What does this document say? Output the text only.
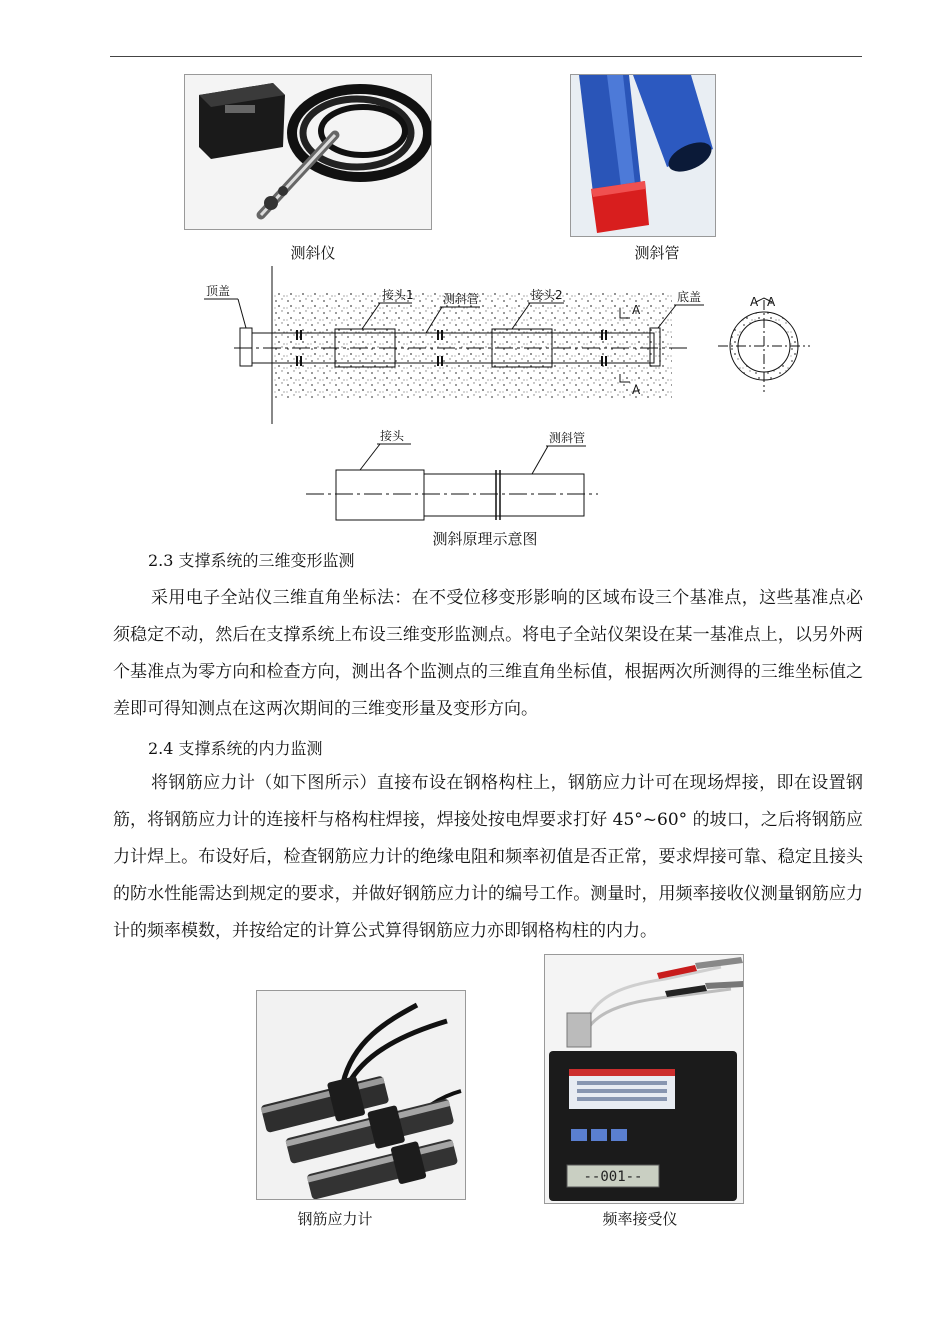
测斜仪	测斜管
A
A
顶盖	接头1 测斜管	接头2	底盖	A A
接头	测斜管
测斜原理示意图
2.3 支撑系统的三维变形监测

采用电子全站仪三维直角坐标法：在不受位移变形影响的区域布设三个基准点，这些基准点必须稳定不动，然后在支撑系统上布设三维变形监测点。将电子全站仪架设在某一基准点上，以另外两个基准点为零方向和检查方向，测出各个监测点的三维直角坐标值，根据两次所测得的三维坐标值之差即可得知测点在这两次期间的三维变形量及变形方向。

2.4 支撑系统的内力监测

将钢筋应力计（如下图所示）直接布设在钢格构柱上，钢筋应力计可在现场焊接，即在设置钢筋，将钢筋应力计的连接杆与格构柱焊接，焊接处按电焊要求打好 45°~60° 的坡口，之后将钢筋应力计焊上。布设好后，检查钢筋应力计的绝缘电阻和频率初值是否正常，要求焊接可靠、稳定且接头的防水性能需达到规定的要求，并做好钢筋应力计的编号工作。测量时，用频率接收仪测量钢筋应力计的频率模数，并按给定的计算公式算得钢筋应力亦即钢格构柱的内力。

钢筋应力计
--001--
频率接受仪
